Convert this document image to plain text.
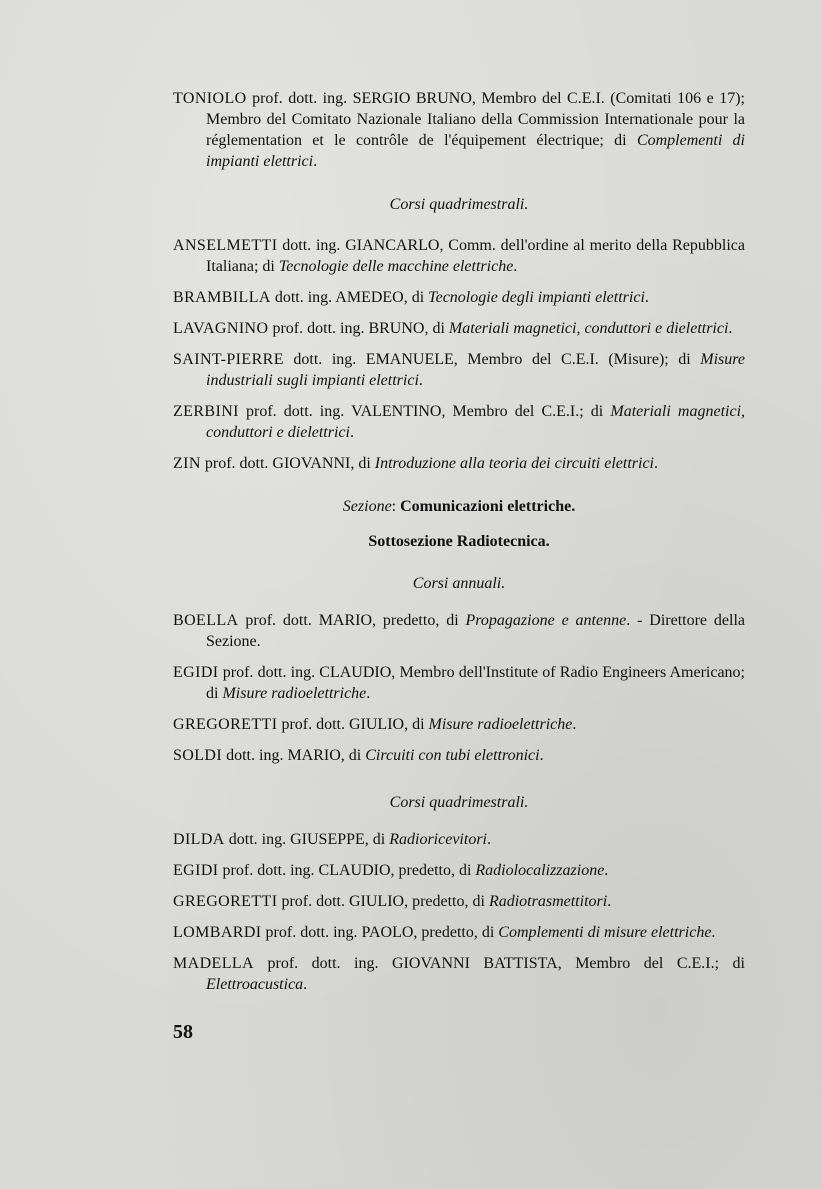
TONIOLO prof. dott. ing. SERGIO BRUNO, Membro del C.E.I. (Comitati 106 e 17); Membro del Comitato Nazionale Italiano della Commission Internationale pour la réglementation et le contrôle de l'équipement électrique; di Complementi di impianti elettrici.

Corsi quadrimestrali.

ANSELMETTI dott. ing. GIANCARLO, Comm. dell'ordine al merito della Repubblica Italiana; di Tecnologie delle macchine elettriche.

BRAMBILLA dott. ing. AMEDEO, di Tecnologie degli impianti elettrici.

LAVAGNINO prof. dott. ing. BRUNO, di Materiali magnetici, conduttori e dielettrici.

SAINT-PIERRE dott. ing. EMANUELE, Membro del C.E.I. (Misure); di Misure industriali sugli impianti elettrici.

ZERBINI prof. dott. ing. VALENTINO, Membro del C.E.I.; di Materiali magnetici, conduttori e dielettrici.

ZIN prof. dott. GIOVANNI, di Introduzione alla teoria dei circuiti elettrici.

Sezione: Comunicazioni elettriche.

Sottosezione Radiotecnica.

Corsi annuali.

BOELLA prof. dott. MARIO, predetto, di Propagazione e antenne. - Direttore della Sezione.

EGIDI prof. dott. ing. CLAUDIO, Membro dell'Institute of Radio Engineers Americano; di Misure radioelettriche.

GREGORETTI prof. dott. GIULIO, di Misure radioelettriche.

SOLDI dott. ing. MARIO, di Circuiti con tubi elettronici.

Corsi quadrimestrali.

DILDA dott. ing. GIUSEPPE, di Radioricevitori.

EGIDI prof. dott. ing. CLAUDIO, predetto, di Radiolocalizzazione.

GREGORETTI prof. dott. GIULIO, predetto, di Radiotrasmettitori.

LOMBARDI prof. dott. ing. PAOLO, predetto, di Complementi di misure elettriche.

MADELLA prof. dott. ing. GIOVANNI BATTISTA, Membro del C.E.I.; di Elettroacustica.

58
